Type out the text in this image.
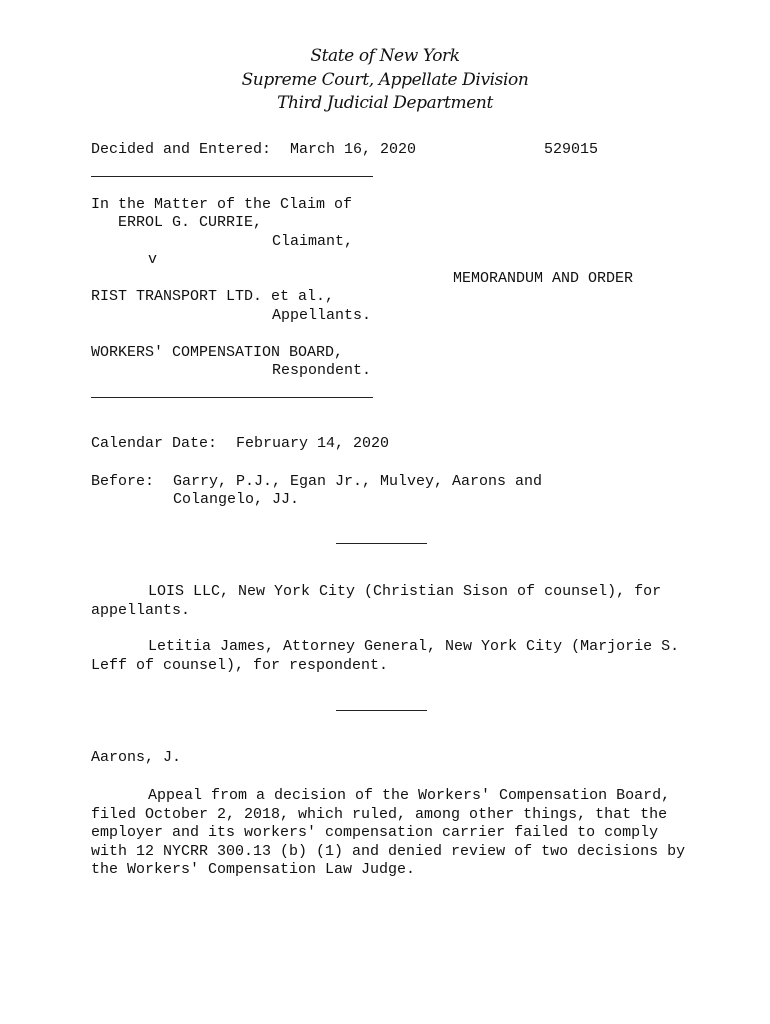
State of New York
Supreme Court, Appellate Division
Third Judicial Department
Decided and Entered: March 16, 2020	529015
In the Matter of the Claim of
ERROL G. CURRIE,
Claimant,
v
MEMORANDUM AND ORDER
RIST TRANSPORT LTD. et al.,
Appellants.
WORKERS' COMPENSATION BOARD,
Respondent.
Calendar Date: February 14, 2020
Before: Garry, P.J., Egan Jr., Mulvey, Aarons and
Colangelo, JJ.
LOIS LLC, New York City (Christian Sison of counsel), for appellants.
Letitia James, Attorney General, New York City (Marjorie S. Leff of counsel), for respondent.
Aarons, J.
Appeal from a decision of the Workers' Compensation Board, filed October 2, 2018, which ruled, among other things, that the employer and its workers' compensation carrier failed to comply with 12 NYCRR 300.13 (b) (1) and denied review of two decisions by the Workers' Compensation Law Judge.
